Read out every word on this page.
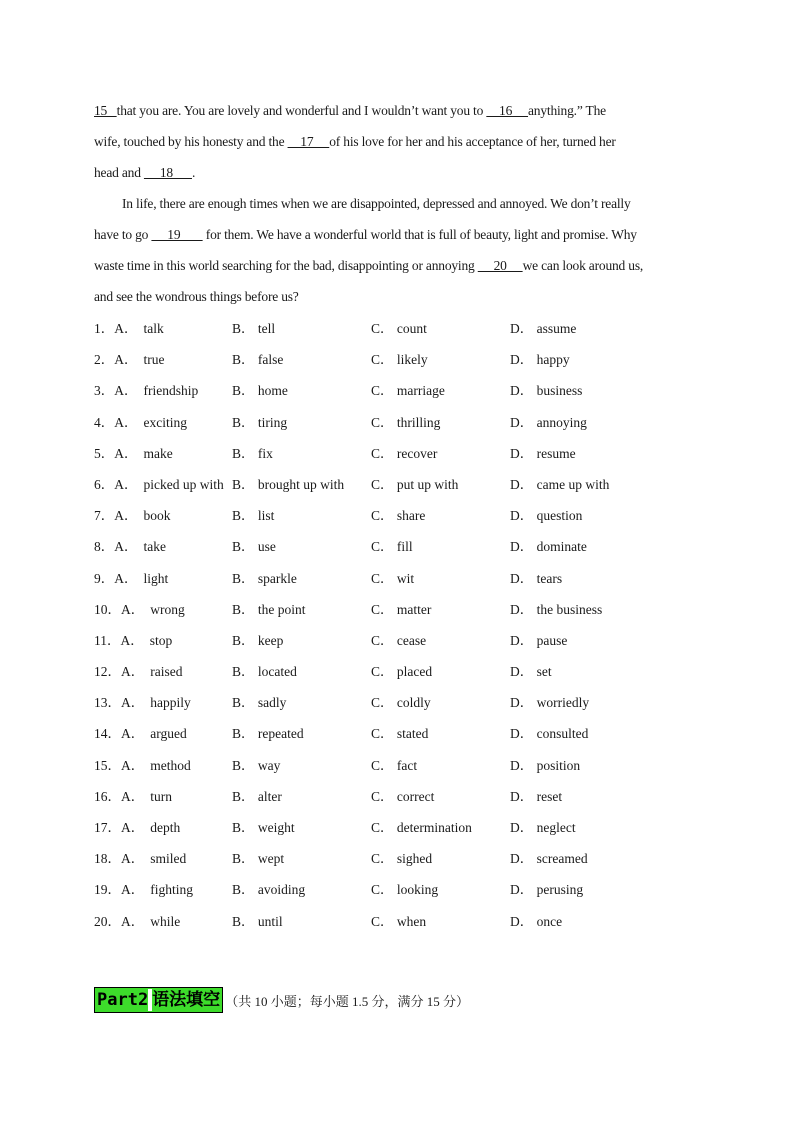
15   that you are. You are lovely and wonderful and I wouldn’t want you to     16     anything.” The
wife, touched by his honesty and the     17     of his love for her and his acceptance of her, turned her
head and      18      .
In life, there are enough times when we are disappointed, depressed and annoyed. We don’t really
have to go      19        for them. We have a wonderful world that is full of beauty, light and promise. Why
waste time in this world searching for the bad, disappointing or annoying      20     we can look around us,
and see the wondrous things before us?
1．A． talk	B． tell	C． count	D． assume
2．A． true	B． false	C． likely	D． happy
3．A． friendship	B． home	C． marriage	D． business
4．A． exciting	B． tiring	C． thrilling	D． annoying
5．A． make	B． fix	C． recover	D． resume
6．A． picked up with B． brought up with C． put up with	D． came up with
7．A． book	B． list	C． share	D． question
8．A． take	B． use	C． fill	D． dominate
9．A． light	B． sparkle	C． wit	D． tears
10．A． wrong	B． the point	C． matter	D． the business
11．A． stop	B． keep	C． cease	D． pause
12．A． raised	B． located	C． placed	D． set
13．A． happily	B． sadly	C． coldly	D． worriedly
14．A． argued	B． repeated	C． stated	D． consulted
15．A． method	B． way	C． fact	D． position
16．A． turn	B． alter	C． correct	D． reset
17．A． depth	B． weight	C． determination	D． neglect
18．A． smiled	B． wept	C． sighed	D． screamed
19．A． fighting	B． avoiding	C． looking	D． perusing
20．A． while	B． until	C． when	D． once
Part2 语法填空 （共 10 小题；每小题 1.5 分，满分 15 分）
